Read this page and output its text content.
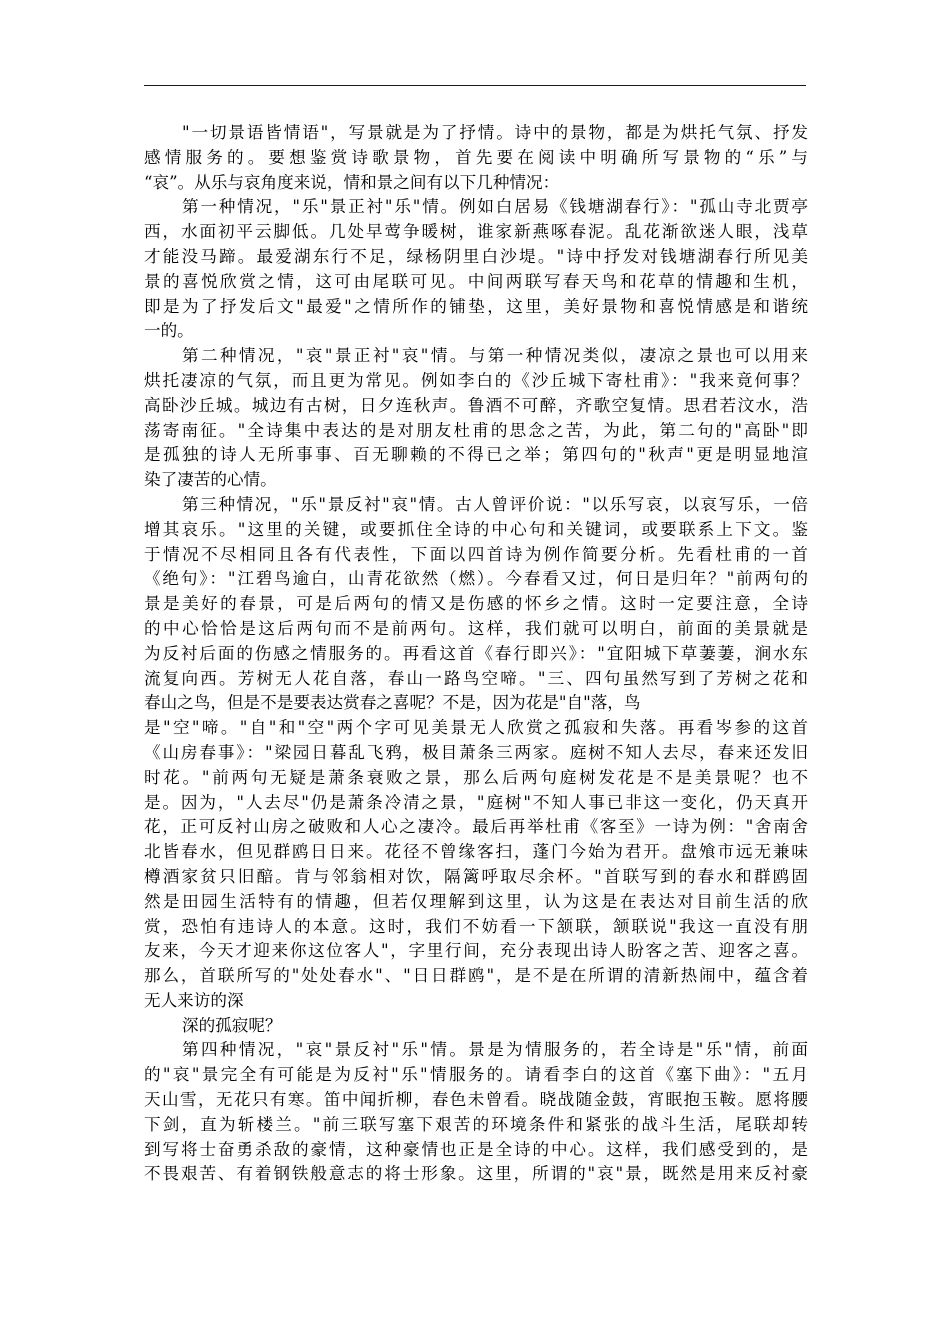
"一切景语皆情语"，写景就是为了抒情。诗中的景物，都是为烘托气氛、抒发
感情服务的。要想鉴赏诗歌景物，首先要在阅读中明确所写景物的“乐”与
“哀”。从乐与哀角度来说，情和景之间有以下几种情况：
第一种情况，"乐"景正衬"乐"情。例如白居易《钱塘湖春行》："孤山寺北贾亭
西，水面初平云脚低。几处早莺争暖树，谁家新燕啄春泥。乱花渐欲迷人眼，浅草
才能没马蹄。最爱湖东行不足，绿杨阴里白沙堤。"诗中抒发对钱塘湖春行所见美
景的喜悦欣赏之情，这可由尾联可见。中间两联写春天鸟和花草的情趣和生机，
即是为了抒发后文"最爱"之情所作的铺垫，这里，美好景物和喜悦情感是和谐统
一的。
第二种情况，"哀"景正衬"哀"情。与第一种情况类似，凄凉之景也可以用来
烘托凄凉的气氛，而且更为常见。例如李白的《沙丘城下寄杜甫》："我来竟何事？
高卧沙丘城。城边有古树，日夕连秋声。鲁酒不可醉，齐歌空复情。思君若汶水，浩
荡寄南征。"全诗集中表达的是对朋友杜甫的思念之苦，为此，第二句的"高卧"即
是孤独的诗人无所事事、百无聊赖的不得已之举；第四句的"秋声"更是明显地渲
染了凄苦的心情。
第三种情况，"乐"景反衬"哀"情。古人曾评价说："以乐写哀，以哀写乐，一倍
增其哀乐。"这里的关键，或要抓住全诗的中心句和关键词，或要联系上下文。鉴
于情况不尽相同且各有代表性，下面以四首诗为例作简要分析。先看杜甫的一首
《绝句》："江碧鸟逾白，山青花欲然（燃）。今春看又过，何日是归年？"前两句的
景是美好的春景，可是后两句的情又是伤感的怀乡之情。这时一定要注意，全诗
的中心恰恰是这后两句而不是前两句。这样，我们就可以明白，前面的美景就是
为反衬后面的伤感之情服务的。再看这首《春行即兴》："宜阳城下草萋萋，涧水东
流复向西。芳树无人花自落，春山一路鸟空啼。"三、四句虽然写到了芳树之花和
春山之鸟，但是不是要表达赏春之喜呢？不是，因为花是"自"落，鸟
是"空"啼。"自"和"空"两个字可见美景无人欣赏之孤寂和失落。再看岑参的这首
《山房春事》："梁园日暮乱飞鸦，极目萧条三两家。庭树不知人去尽，春来还发旧
时花。"前两句无疑是萧条衰败之景，那么后两句庭树发花是不是美景呢？也不
是。因为，"人去尽"仍是萧条冷清之景，"庭树"不知人事已非这一变化，仍天真开
花，正可反衬山房之破败和人心之凄冷。最后再举杜甫《客至》一诗为例："舍南舍
北皆春水，但见群鸥日日来。花径不曾缘客扫，蓬门今始为君开。盘飧市远无兼味
樽酒家贫只旧醅。肯与邻翁相对饮，隔篱呼取尽余杯。"首联写到的春水和群鸥固
然是田园生活特有的情趣，但若仅理解到这里，认为这是在表达对目前生活的欣
赏，恐怕有违诗人的本意。这时，我们不妨看一下颔联，颔联说"我这一直没有朋
友来，今天才迎来你这位客人"，字里行间，充分表现出诗人盼客之苦、迎客之喜。
那么，首联所写的"处处春水"、"日日群鸥"，是不是在所谓的清新热闹中，蕴含着
无人来访的深
深的孤寂呢？
第四种情况，"哀"景反衬"乐"情。景是为情服务的，若全诗是"乐"情，前面
的"哀"景完全有可能是为反衬"乐"情服务的。请看李白的这首《塞下曲》："五月
天山雪，无花只有寒。笛中闻折柳，春色未曾看。晓战随金鼓，宵眠抱玉鞍。愿将腰
下剑，直为斩楼兰。"前三联写塞下艰苦的环境条件和紧张的战斗生活，尾联却转
到写将士奋勇杀敌的豪情，这种豪情也正是全诗的中心。这样，我们感受到的，是
不畏艰苦、有着钢铁般意志的将士形象。这里，所谓的"哀"景，既然是用来反衬豪
